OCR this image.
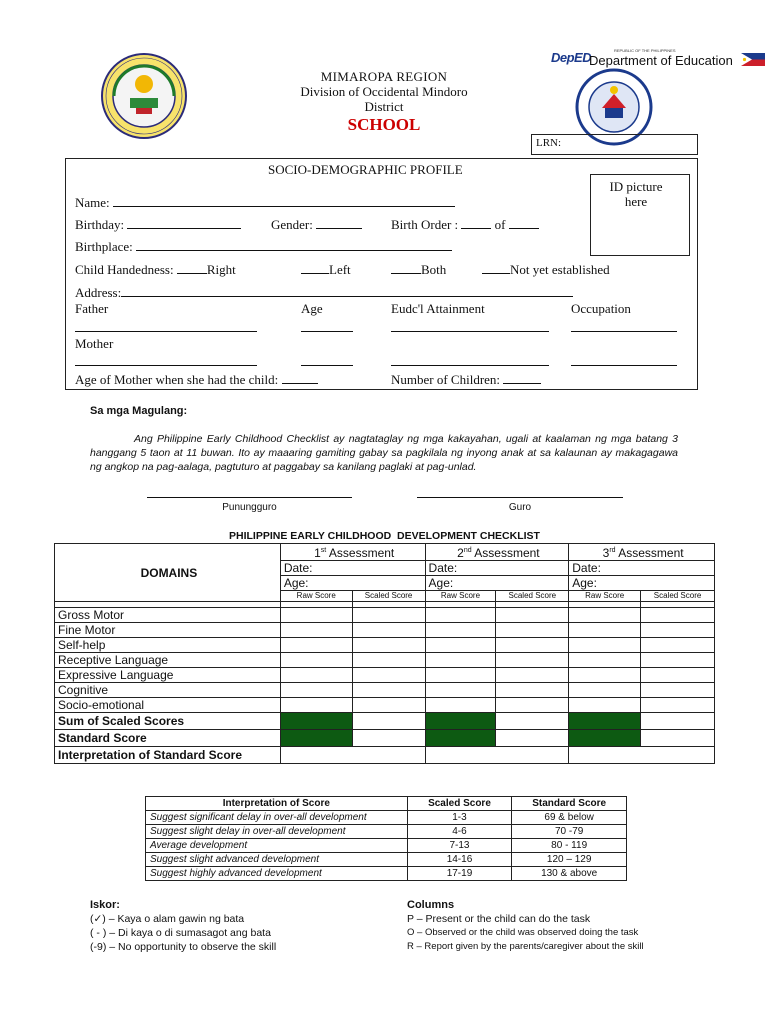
MIMAROPA REGION
Division of Occidental Mindoro
District
SCHOOL
DepED	REPUBLIC OF THE PHILIPPINES
Department of Education
LRN:
SOCIO-DEMOGRAPHIC PROFILE
ID picture here
Name:
Birthday:	Gender:	Birth Order :	of
Birthplace:
Child Handedness:	Right	Left	Both	Not yet established
Address:
Father	Age	Eudc'l Attainment	Occupation
Mother
Age of Mother when she had the child:	Number of Children:
Sa mga Magulang:
Ang Philippine Early Childhood Checklist ay nagtataglay ng mga kakayahan, ugali at kaalaman ng mga batang 3 hanggang 5 taon at 11 buwan. Ito ay maaaring gamiting gabay sa pagkilala ng inyong anak at sa kalaunan ay makagagawa ng angkop na pag-aalaga, pagtuturo at paggabay sa kanilang paglaki at pag-unlad.
Punungguro	Guro
PHILIPPINE EARLY CHILDHOOD  DEVELOPMENT CHECKLIST
DOMAINS	1st Assessment		2nd Assessment		3rd Assessment	
	Date:		Date:		Date:	
	Age:		Age:		Age:	
	Raw Score	Scaled Score	Raw Score	Scaled Score	Raw Score	Scaled Score

Gross Motor						
Fine Motor						
Self-help						
Receptive Language						
Expressive Language						
Cognitive						
Socio-emotional						
Sum of Scaled Scores						
Standard Score						
Interpretation of Standard Score						
Interpretation of Score	Scaled Score	Standard Score
Suggest significant delay in over-all development	1-3	69 & below
Suggest slight delay in over-all development	4-6	70 -79
Average development	7-13	80 - 119
Suggest slight advanced development	14-16	120 – 129
Suggest highly advanced development	17-19	130 & above
Iskor:
(✓) – Kaya o alam gawin ng bata
( - ) – Di kaya o di sumasagot ang bata
(-9) – No opportunity to observe the skill
Columns
P – Present or the child can do the task
O – Observed or the child was observed doing the task
R – Report given by the parents/caregiver about the skill
